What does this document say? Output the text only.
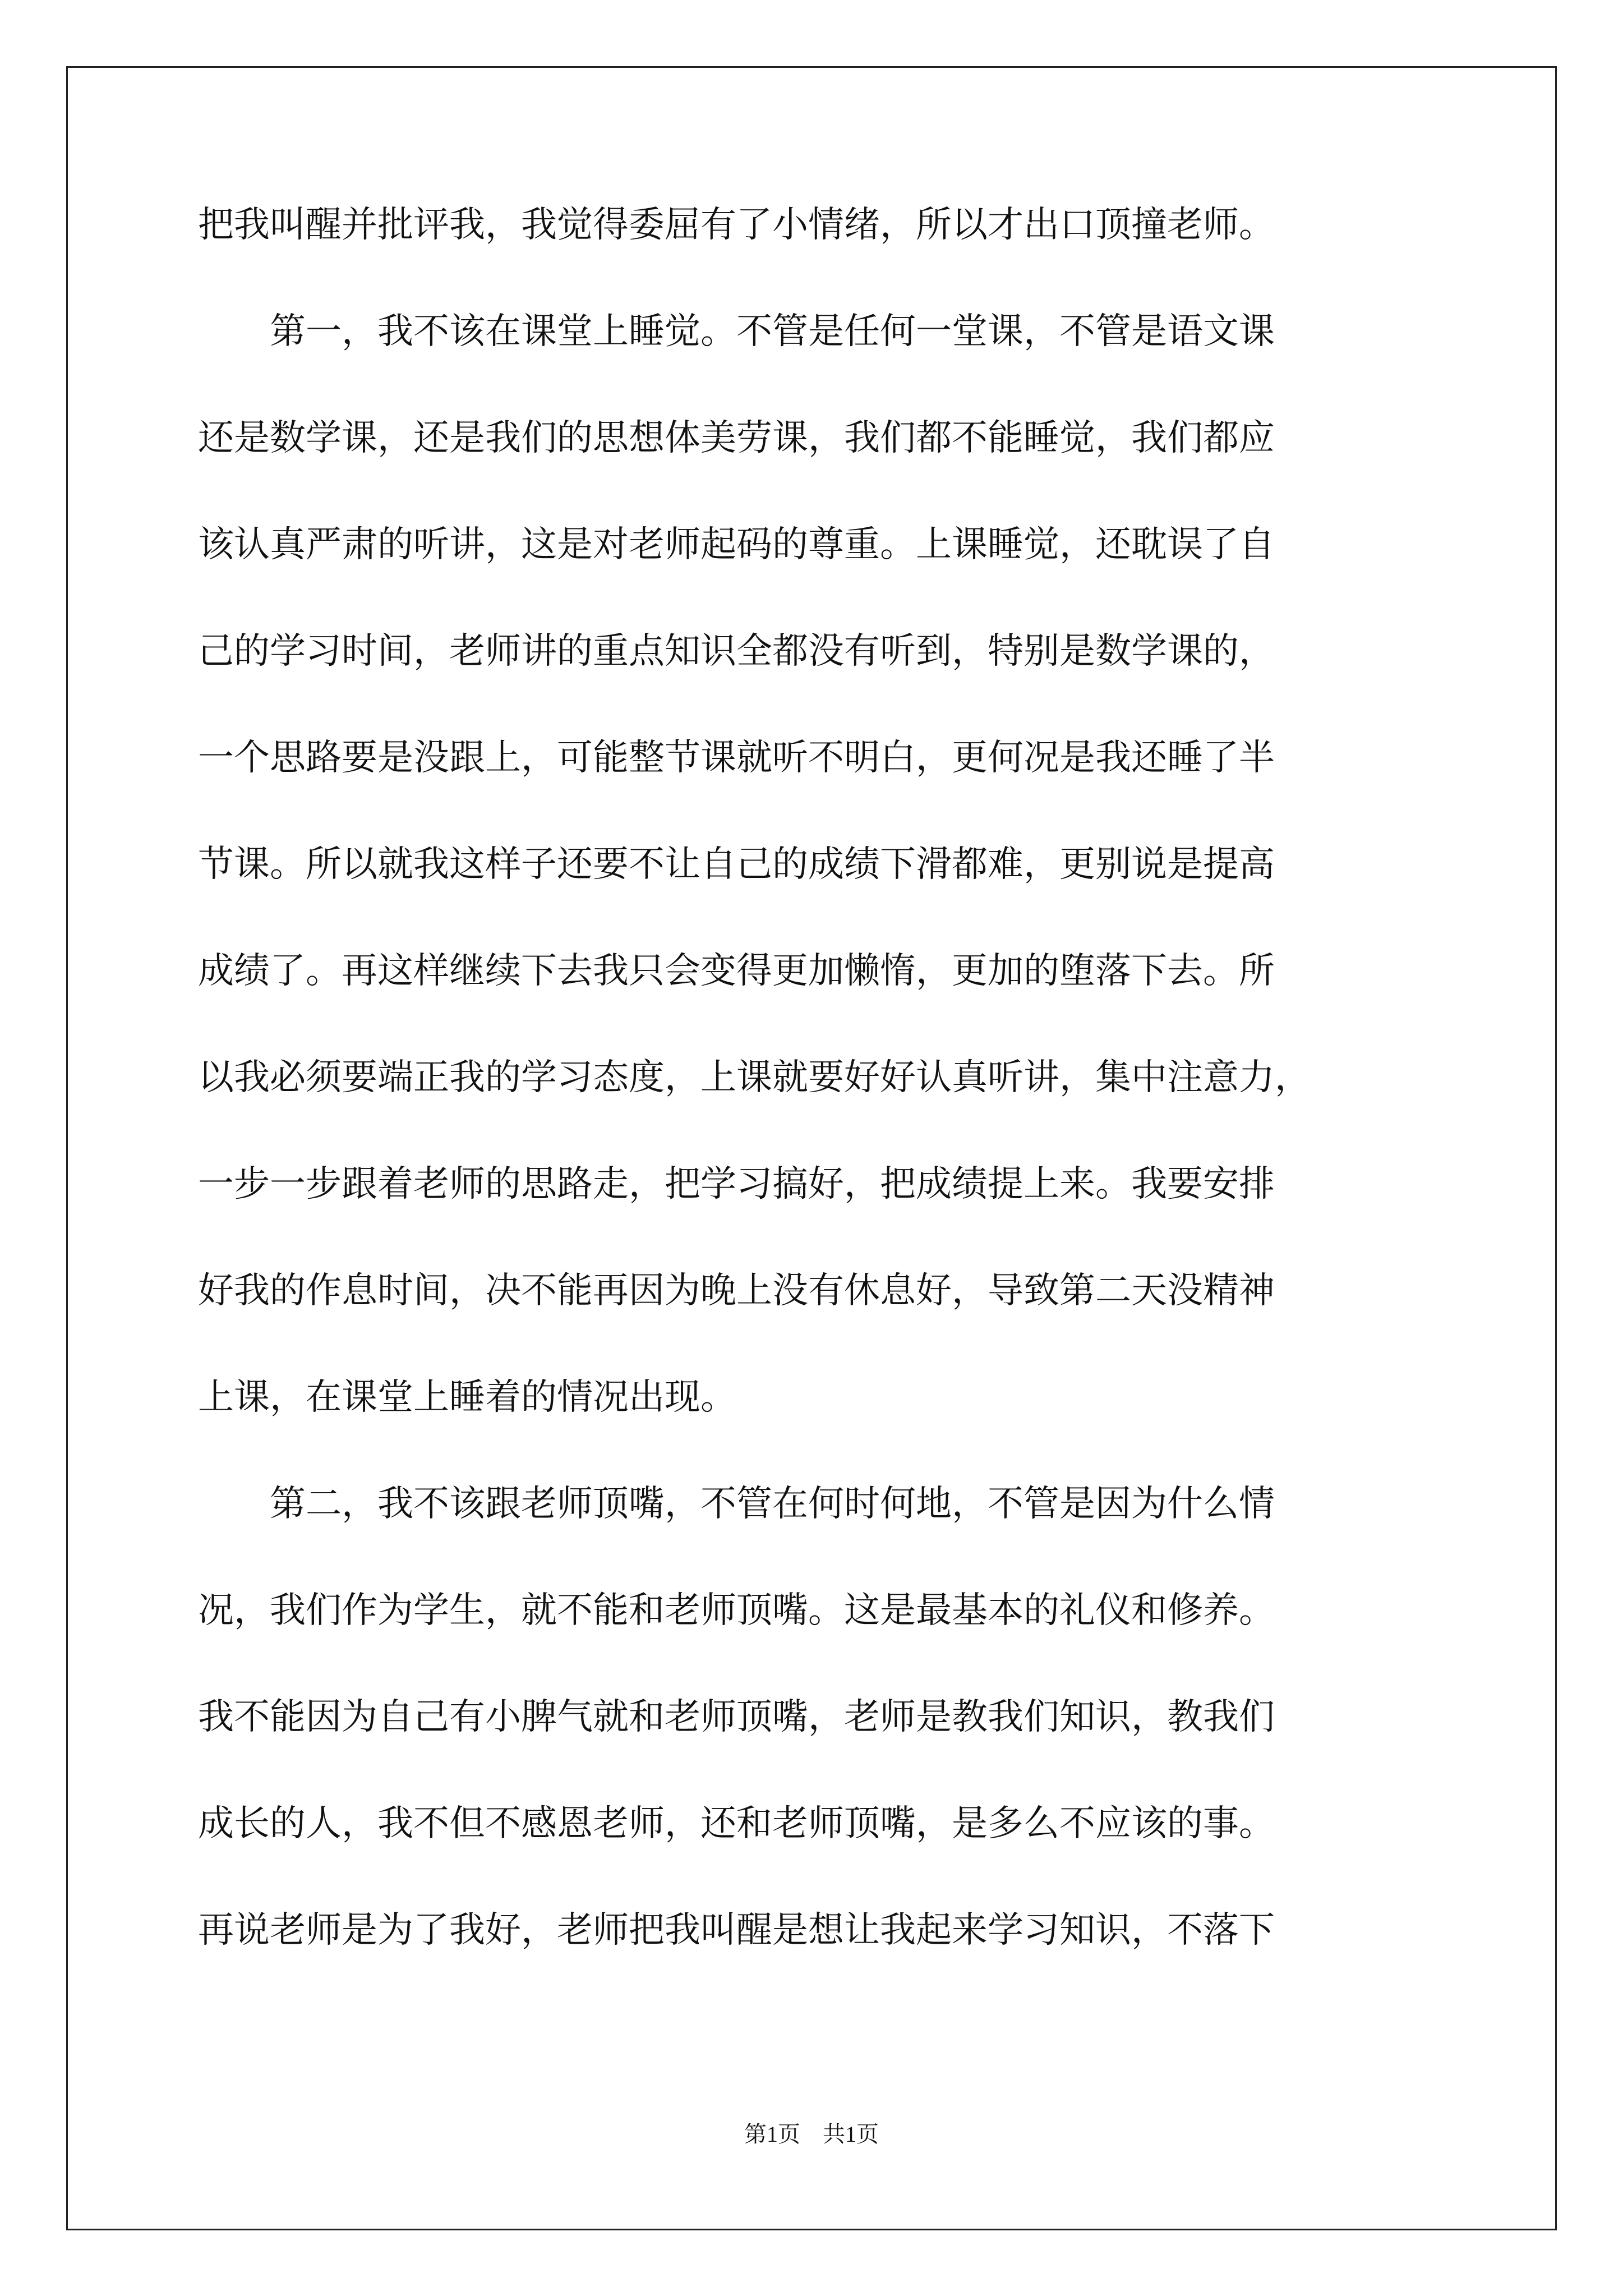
把我叫醒并批评我，我觉得委屈有了小情绪，所以才出口顶撞老师。
　　第一，我不该在课堂上睡觉。不管是任何一堂课，不管是语文课
还是数学课，还是我们的思想体美劳课，我们都不能睡觉，我们都应
该认真严肃的听讲，这是对老师起码的尊重。上课睡觉，还耽误了自
己的学习时间，老师讲的重点知识全都没有听到，特别是数学课的，
一个思路要是没跟上，可能整节课就听不明白，更何况是我还睡了半
节课。所以就我这样子还要不让自己的成绩下滑都难，更别说是提高
成绩了。再这样继续下去我只会变得更加懒惰，更加的堕落下去。所
以我必须要端正我的学习态度，上课就要好好认真听讲，集中注意力，
一步一步跟着老师的思路走，把学习搞好，把成绩提上来。我要安排
好我的作息时间，决不能再因为晚上没有休息好，导致第二天没精神
上课，在课堂上睡着的情况出现。
　　第二，我不该跟老师顶嘴，不管在何时何地，不管是因为什么情
况，我们作为学生，就不能和老师顶嘴。这是最基本的礼仪和修养。
我不能因为自己有小脾气就和老师顶嘴，老师是教我们知识，教我们
成长的人，我不但不感恩老师，还和老师顶嘴，是多么不应该的事。
再说老师是为了我好，老师把我叫醒是想让我起来学习知识，不落下
第1页　共1页
